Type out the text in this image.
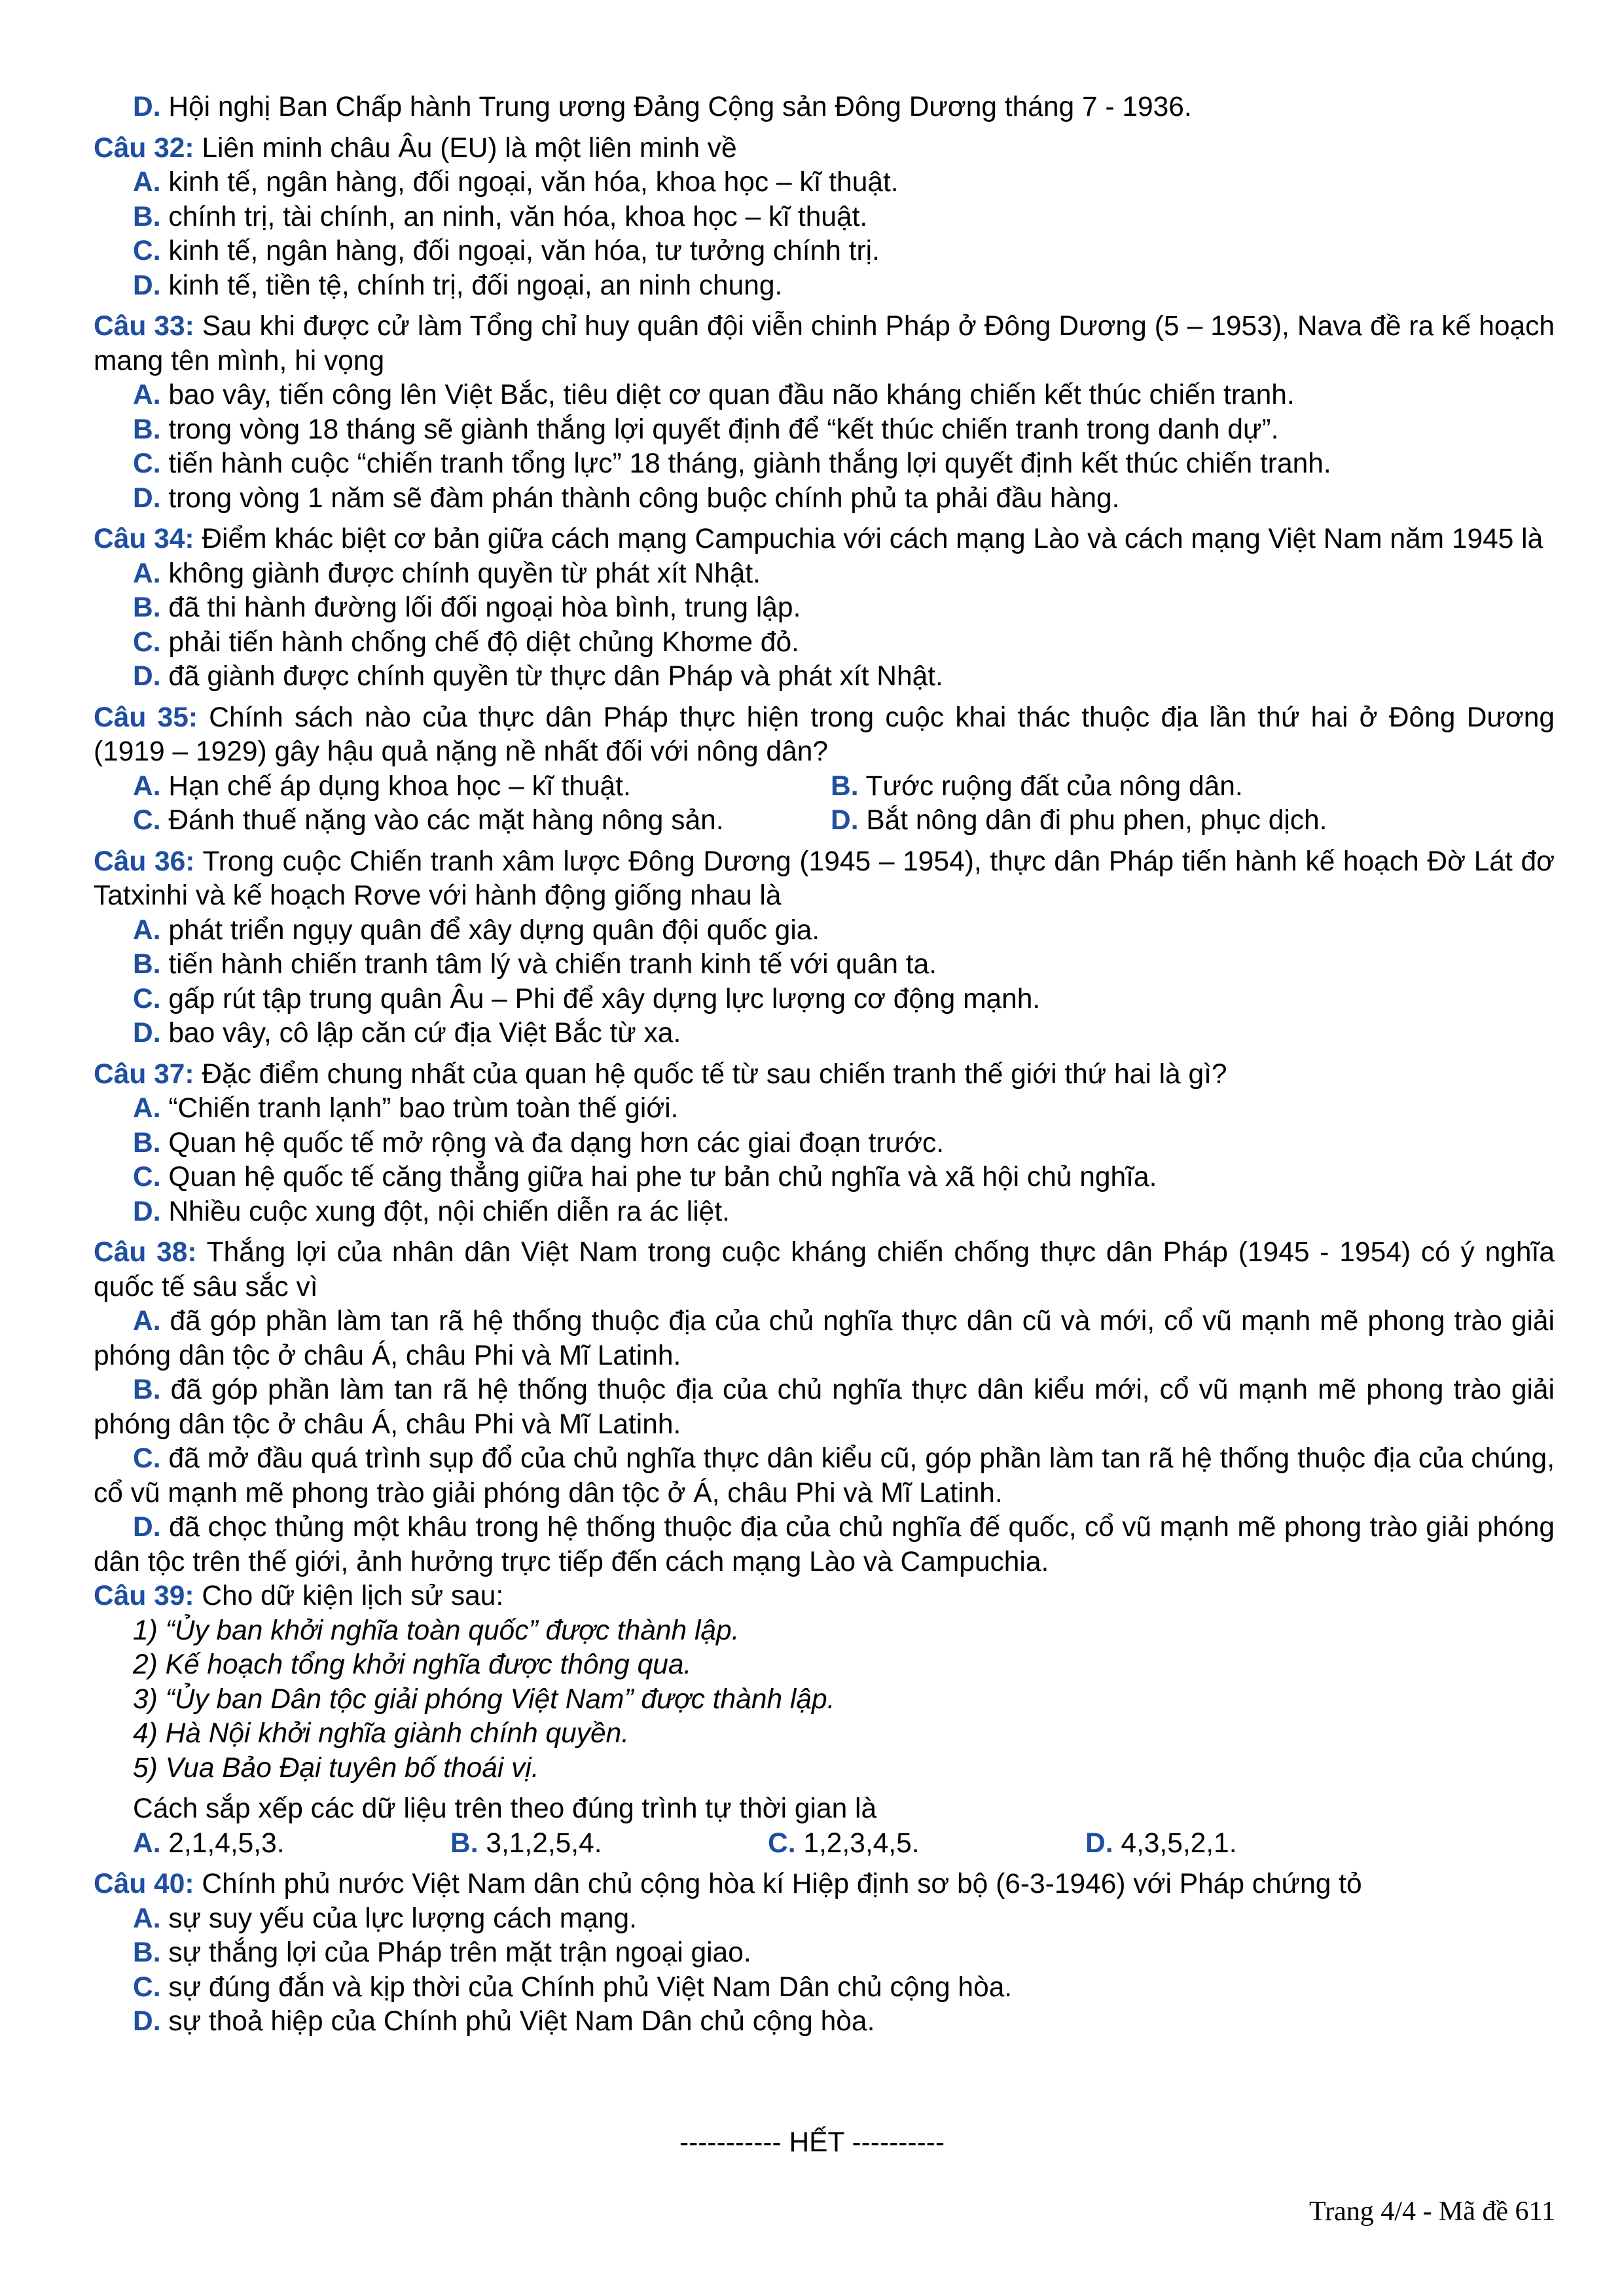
D. Hội nghị Ban Chấp hành Trung ương Đảng Cộng sản Đông Dương tháng 7 - 1936.
Câu 32: Liên minh châu Âu (EU) là một liên minh về
A. kinh tế, ngân hàng, đối ngoại, văn hóa, khoa học – kĩ thuật.
B. chính trị, tài chính, an ninh, văn hóa, khoa học – kĩ thuật.
C. kinh tế, ngân hàng, đối ngoại, văn hóa, tư tưởng chính trị.
D. kinh tế, tiền tệ, chính trị, đối ngoại, an ninh chung.
Câu 33: Sau khi được cử làm Tổng chỉ huy quân đội viễn chinh Pháp ở Đông Dương (5 – 1953), Nava đề ra kế hoạch mang tên mình, hi vọng
A. bao vây, tiến công lên Việt Bắc, tiêu diệt cơ quan đầu não kháng chiến kết thúc chiến tranh.
B. trong vòng 18 tháng sẽ giành thắng lợi quyết định để “kết thúc chiến tranh trong danh dự”.
C. tiến hành cuộc “chiến tranh tổng lực” 18 tháng, giành thắng lợi quyết định kết thúc chiến tranh.
D. trong vòng 1 năm sẽ đàm phán thành công buộc chính phủ ta phải đầu hàng.
Câu 34: Điểm khác biệt cơ bản giữa cách mạng Campuchia với cách mạng Lào và cách mạng Việt Nam năm 1945 là
A. không giành được chính quyền từ phát xít Nhật.
B. đã thi hành đường lối đối ngoại hòa bình, trung lập.
C. phải tiến hành chống chế độ diệt chủng Khơme đỏ.
D. đã giành được chính quyền từ thực dân Pháp và phát xít Nhật.
Câu 35: Chính sách nào của thực dân Pháp thực hiện trong cuộc khai thác thuộc địa lần thứ hai ở Đông Dương (1919 – 1929) gây hậu quả nặng nề nhất đối với nông dân?
A. Hạn chế áp dụng khoa học – kĩ thuật.	B. Tước ruộng đất của nông dân.
C. Đánh thuế nặng vào các mặt hàng nông sản.	D. Bắt nông dân đi phu phen, phục dịch.
Câu 36: Trong cuộc Chiến tranh xâm lược Đông Dương (1945 – 1954), thực dân Pháp tiến hành kế hoạch Đờ Lát đơ Tatxinhi và kế hoạch Rơve với hành động giống nhau là
A. phát triển ngụy quân để xây dựng quân đội quốc gia.
B. tiến hành chiến tranh tâm lý và chiến tranh kinh tế với quân ta.
C. gấp rút tập trung quân Âu – Phi để xây dựng lực lượng cơ động mạnh.
D. bao vây, cô lập căn cứ địa Việt Bắc từ xa.
Câu 37: Đặc điểm chung nhất của quan hệ quốc tế từ sau chiến tranh thế giới thứ hai là gì?
A. “Chiến tranh lạnh” bao trùm toàn thế giới.
B. Quan hệ quốc tế mở rộng và đa dạng hơn các giai đoạn trước.
C. Quan hệ quốc tế căng thẳng giữa hai phe tư bản chủ nghĩa và xã hội chủ nghĩa.
D. Nhiều cuộc xung đột, nội chiến diễn ra ác liệt.
Câu 38: Thắng lợi của nhân dân Việt Nam trong cuộc kháng chiến chống thực dân Pháp (1945 - 1954) có ý nghĩa quốc tế sâu sắc vì
A. đã góp phần làm tan rã hệ thống thuộc địa của chủ nghĩa thực dân cũ và mới, cổ vũ mạnh mẽ phong trào giải phóng dân tộc ở châu Á, châu Phi và Mĩ Latinh.
B. đã góp phần làm tan rã hệ thống thuộc địa của chủ nghĩa thực dân kiểu mới, cổ vũ mạnh mẽ phong trào giải phóng dân tộc ở châu Á, châu Phi và Mĩ Latinh.
C. đã mở đầu quá trình sụp đổ của chủ nghĩa thực dân kiểu cũ, góp phần làm tan rã hệ thống thuộc địa của chúng, cổ vũ mạnh mẽ phong trào giải phóng dân tộc ở Á, châu Phi và Mĩ Latinh.
D. đã chọc thủng một khâu trong hệ thống thuộc địa của chủ nghĩa đế quốc, cổ vũ mạnh mẽ phong trào giải phóng dân tộc trên thế giới, ảnh hưởng trực tiếp đến cách mạng Lào và Campuchia.
Câu 39: Cho dữ kiện lịch sử sau:
1) “Ủy ban khởi nghĩa toàn quốc” được thành lập.
2) Kế hoạch tổng khởi nghĩa được thông qua.
3) “Ủy ban Dân tộc giải phóng Việt Nam” được thành lập.
4) Hà Nội khởi nghĩa giành chính quyền.
5) Vua Bảo Đại tuyên bố thoái vị.
Cách sắp xếp các dữ liệu trên theo đúng trình tự thời gian là
A. 2,1,4,5,3.	B. 3,1,2,5,4.	C. 1,2,3,4,5.	D. 4,3,5,2,1.
Câu 40: Chính phủ nước Việt Nam dân chủ cộng hòa kí Hiệp định sơ bộ (6-3-1946) với Pháp chứng tỏ
A. sự suy yếu của lực lượng cách mạng.
B. sự thắng lợi của Pháp trên mặt trận ngoại giao.
C. sự đúng đắn và kịp thời của Chính phủ Việt Nam Dân chủ cộng hòa.
D. sự thoả hiệp của Chính phủ Việt Nam Dân chủ cộng hòa.
----------- HẾT ----------
Trang 4/4 - Mã đề 611
